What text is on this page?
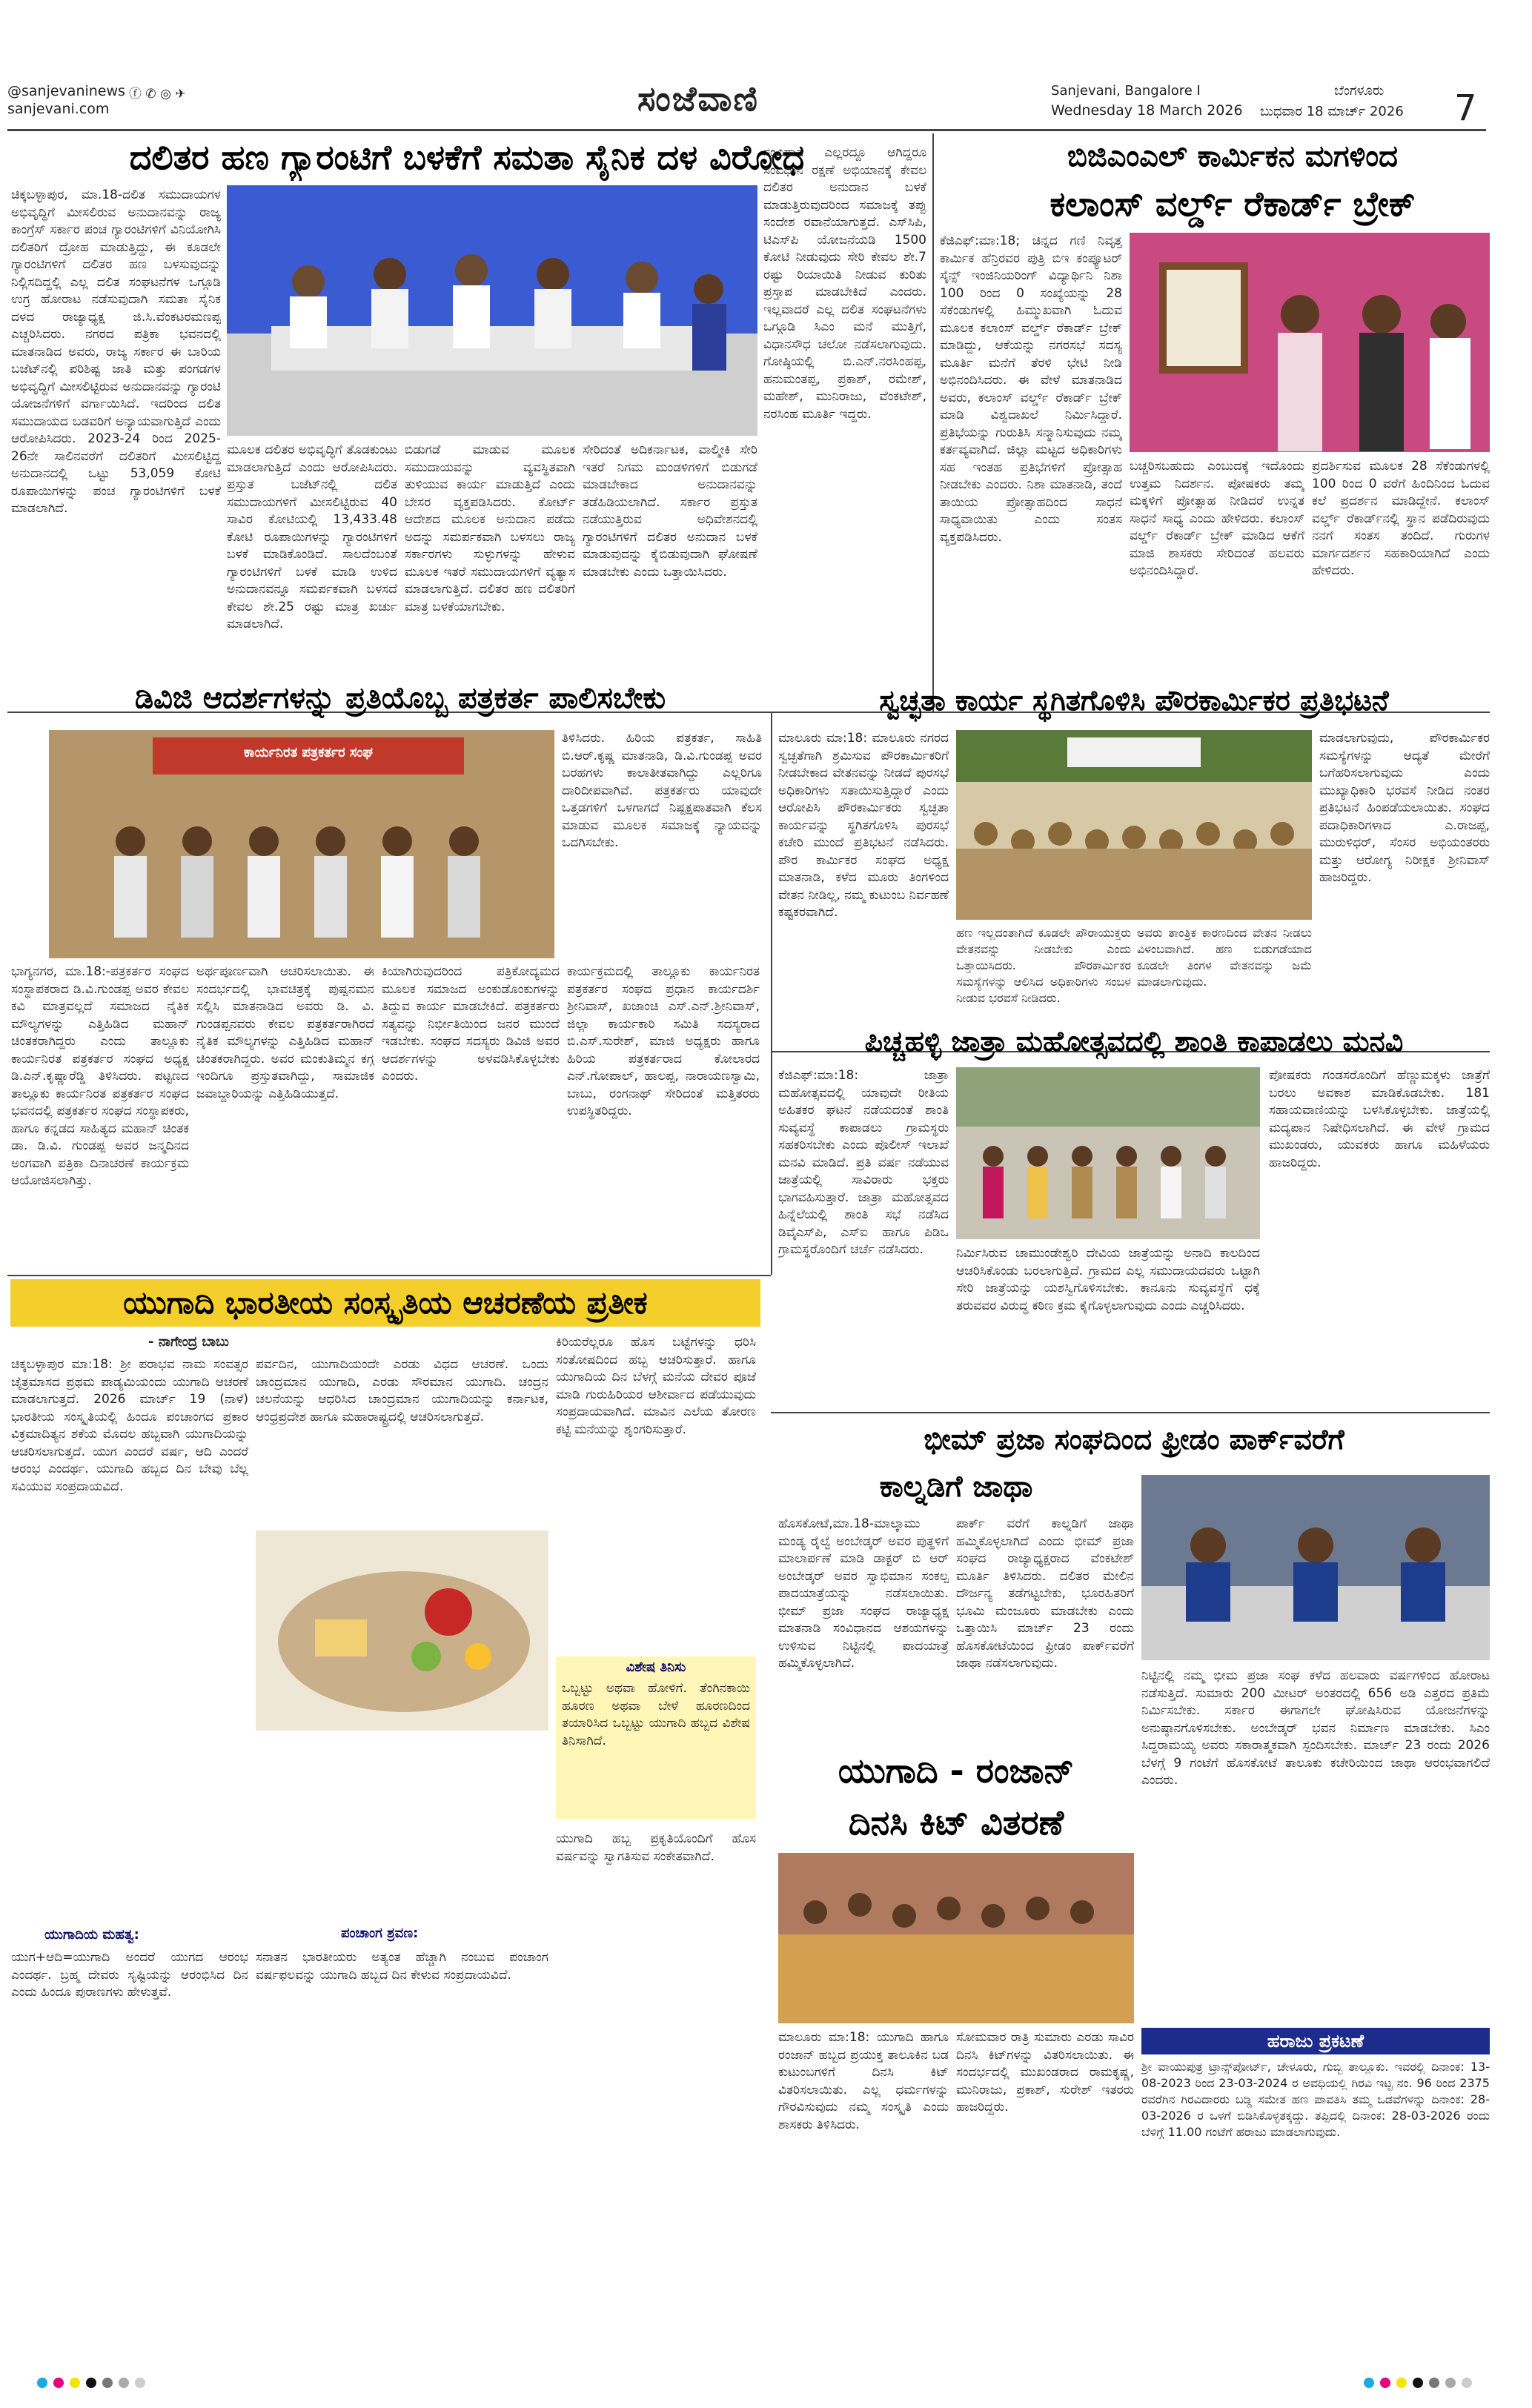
@sanjevaninews ⓕ ✆ ◎ ✈
sanjevani.com	ಸಂಜೆವಾಣಿ	Sanjevani, Bangalore I	ಬೆಂಗಳೂರು
Wednesday 18 March 2026 ಬುಧವಾರ 18 ಮಾರ್ಚ್ 2026 7
ದಲಿತರ ಹಣ ಗ್ಯಾರಂಟಿಗೆ ಬಳಕೆಗೆ ಸಮತಾ ಸೈನಿಕ ದಳ ವಿರೋಧ
ಚಿಕ್ಕಬಳ್ಳಾಪುರ, ಮಾ.18-ದಲಿತ ಸಮುದಾಯಗಳ ಅಭಿವೃದ್ಧಿಗೆ ಮೀಸಲಿರುವ ಅನುದಾನವನ್ನು ರಾಜ್ಯ ಕಾಂಗ್ರೆಸ್ ಸರ್ಕಾರ ಪಂಚ ಗ್ಯಾರಂಟಿಗಳಿಗೆ ವಿನಿಯೋಗಿಸಿ ದಲಿತರಿಗೆ ದ್ರೋಹ ಮಾಡುತ್ತಿದ್ದು, ಈ ಕೂಡಲೇ ಗ್ಯಾರಂಟಿಗಳಿಗೆ ದಲಿತರ ಹಣ ಬಳಸುವುದನ್ನು ನಿಲ್ಲಿಸದಿದ್ದಲ್ಲಿ ಎಲ್ಲ ದಲಿತ ಸಂಘಟನೆಗಳ ಒಗ್ಗೂಡಿ ಉಗ್ರ ಹೋರಾಟ ನಡೆಸುವುದಾಗಿ ಸಮತಾ ಸೈನಿಕ ದಳದ ರಾಜ್ಯಾಧ್ಯಕ್ಷ ಜಿ.ಸಿ.ವೆಂಕಟರಮಣಪ್ಪ ಎಚ್ಚರಿಸಿದರು. ನಗರದ ಪತ್ರಿಕಾ ಭವನದಲ್ಲಿ ಮಾತನಾಡಿದ ಅವರು, ರಾಜ್ಯ ಸರ್ಕಾರ ಈ ಬಾರಿಯ ಬಜೆಟ್‌ನಲ್ಲಿ ಪರಿಶಿಷ್ಟ ಜಾತಿ ಮತ್ತು ಪಂಗಡಗಳ ಅಭಿವೃದ್ಧಿಗೆ ಮೀಸಲಿಟ್ಟಿರುವ ಅನುದಾನವನ್ನು ಗ್ಯಾರಂಟಿ ಯೋಜನೆಗಳಿಗೆ ವರ್ಗಾಯಿಸಿದೆ. ಇದರಿಂದ ದಲಿತ ಸಮುದಾಯದ ಬಡವರಿಗೆ ಅನ್ಯಾಯವಾಗುತ್ತಿದೆ ಎಂದು ಆರೋಪಿಸಿದರು. 2023-24 ರಿಂದ 2025-26ನೇ ಸಾಲಿನವರೆಗೆ ದಲಿತರಿಗೆ ಮೀಸಲಿಟ್ಟಿದ್ದ ಅನುದಾನದಲ್ಲಿ ಒಟ್ಟು 53,059 ಕೋಟಿ ರೂಪಾಯಿಗಳನ್ನು ಪಂಚ ಗ್ಯಾರಂಟಿಗಳಿಗೆ ಬಳಕೆ ಮಾಡಲಾಗಿದೆ.
ಮೂಲಕ ದಲಿತರ ಅಭಿವೃದ್ಧಿಗೆ ತೊಡಕುಂಟು ಮಾಡಲಾಗುತ್ತಿದೆ ಎಂದು ಆರೋಪಿಸಿದರು. ಪ್ರಸ್ತುತ ಬಜೆಟ್‌ನಲ್ಲಿ ದಲಿತ ಸಮುದಾಯಗಳಿಗೆ ಮೀಸಲಿಟ್ಟಿರುವ 40 ಸಾವಿರ ಕೋಟಿಯಲ್ಲಿ 13,433.48 ಕೋಟಿ ರೂಪಾಯಿಗಳನ್ನು ಗ್ಯಾರಂಟಿಗಳಿಗೆ ಬಳಕೆ ಮಾಡಿಕೊಂಡಿದೆ. ಸಾಲದೆಂಬಂತೆ ಗ್ಯಾರಂಟಿಗಳಿಗೆ ಬಳಕೆ ಮಾಡಿ ಉಳಿದ ಅನುದಾನವನ್ನೂ ಸಮರ್ಪಕವಾಗಿ ಬಳಸದೆ ಕೇವಲ ಶೇ.25 ರಷ್ಟು ಮಾತ್ರ ಖರ್ಚು ಮಾಡಲಾಗಿದೆ.
ಬಿಡುಗಡೆ ಮಾಡುವ ಮೂಲಕ ಸಮುದಾಯವನ್ನು ವ್ಯವಸ್ಥಿತವಾಗಿ ತುಳಿಯುವ ಕಾರ್ಯ ಮಾಡುತ್ತಿದೆ ಎಂದು ಬೇಸರ ವ್ಯಕ್ತಪಡಿಸಿದರು. ಕೋರ್ಟ್‌ ಆದೇಶದ ಮೂಲಕ ಅನುದಾನ ಪಡೆದು ಅದನ್ನು ಸಮರ್ಪಕವಾಗಿ ಬಳಸಲು ರಾಜ್ಯ ಸರ್ಕಾರಗಳು ಸುಳ್ಳುಗಳನ್ನು ಹೇಳುವ ಮೂಲಕ ಇತರೆ ಸಮುದಾಯಗಳಿಗೆ ವ್ಯತ್ಯಾಸ ಮಾಡಲಾಗುತ್ತಿದೆ. ದಲಿತರ ಹಣ ದಲಿತರಿಗೆ ಮಾತ್ರ ಬಳಕೆಯಾಗಬೇಕು.
ಸೇರಿದಂತೆ ಅದಿಕರ್ನಾಟಕ, ವಾಲ್ಮೀಕಿ ಸೇರಿ ಇತರೆ ನಿಗಮ ಮಂಡಳಿಗಳಿಗೆ ಬಿಡುಗಡೆ ಮಾಡಬೇಕಾದ ಅನುದಾನವನ್ನು ತಡೆಹಿಡಿಯಲಾಗಿದೆ. ಸರ್ಕಾರ ಪ್ರಸ್ತುತ ನಡೆಯುತ್ತಿರುವ ಅಧಿವೇಶನದಲ್ಲಿ ಗ್ಯಾರಂಟಿಗಳಿಗೆ ದಲಿತರ ಅನುದಾನ ಬಳಕೆ ಮಾಡುವುದನ್ನು ಕೈಬಿಡುವುದಾಗಿ ಘೋಷಣೆ ಮಾಡಬೇಕು ಎಂದು ಒತ್ತಾಯಿಸಿದರು.
ಸಂವಿಧಾನ ಎಲ್ಲರದ್ದೂ ಆಗಿದ್ದರೂ ಸಂವಿಧಾನ ರಕ್ಷಣೆ ಅಭಿಯಾನಕ್ಕೆ ಕೇವಲ ದಲಿತರ ಅನುದಾನ ಬಳಕೆ ಮಾಡುತ್ತಿರುವುದರಿಂದ ಸಮಾಜಕ್ಕೆ ತಪ್ಪು ಸಂದೇಶ ರವಾನೆಯಾಗುತ್ತದೆ. ಎಸ್‌ಸಿಪಿ, ಟಿಎಸ್‌ಪಿ ಯೋಜನೆಯಡಿ 1500 ಕೋಟಿ ನೀಡುವುದು ಸೇರಿ ಕೇವಲ ಶೇ.7 ರಷ್ಟು ರಿಯಾಯಿತಿ ನೀಡುವ ಕುರಿತು ಪ್ರಸ್ತಾಪ ಮಾಡಬೇಕಿದೆ ಎಂದರು. ಇಲ್ಲವಾದರೆ ಎಲ್ಲ ದಲಿತ ಸಂಘಟನೆಗಳು ಒಗ್ಗೂಡಿ ಸಿಎಂ ಮನೆ ಮುತ್ತಿಗೆ, ವಿಧಾನಸೌಧ ಚಲೋ ನಡೆಸಲಾಗುವುದು. ಗೋಷ್ಠಿಯಲ್ಲಿ ಬಿ.ಎನ್.ನರಸಿಂಹಪ್ಪ, ಹನುಮಂತಪ್ಪ, ಪ್ರಕಾಶ್, ರಮೇಶ್, ಮಹೇಶ್, ಮುನಿರಾಜು, ವೆಂಕಟೇಶ್, ನರಸಿಂಹ ಮೂರ್ತಿ ಇದ್ದರು.
ಬಿಜಿಎಂಎಲ್ ಕಾರ್ಮಿಕನ ಮಗಳಿಂದ
ಕಲಾಂಸ್ ವರ್ಲ್ಡ್ ರೆಕಾರ್ಡ್ ಬ್ರೇಕ್
ಕೆಜಿಎಫ್:ಮಾ:18; ಚಿನ್ನದ ಗಣಿ ನಿವೃತ್ತ ಕಾರ್ಮಿಕ ಹೆನ್ರಿರವರ ಪುತ್ರಿ ಬಿಇ ಕಂಪ್ಯೂಟರ್ ಸೈನ್ಸ್ ಇಂಜಿನಿಯರಿಂಗ್ ವಿದ್ಯಾರ್ಥಿನಿ ನಿಶಾ 100 ರಿಂದ 0 ಸಂಖ್ಯೆಯನ್ನು 28 ಸೆಕೆಂಡುಗಳಲ್ಲಿ ಹಿಮ್ಮುಖವಾಗಿ ಓದುವ ಮೂಲಕ ಕಲಾಂಸ್ ವರ್ಲ್ಡ್ ರೆಕಾರ್ಡ್ ಬ್ರೇಕ್ ಮಾಡಿದ್ದು, ಆಕೆಯನ್ನು ನಗರಸಭೆ ಸದಸ್ಯ ಮೂರ್ತಿ ಮನೆಗೆ ತೆರಳಿ ಭೇಟಿ ನೀಡಿ ಅಭಿನಂದಿಸಿದರು. ಈ ವೇಳೆ ಮಾತನಾಡಿದ ಅವರು, ಕಲಾಂಸ್ ವರ್ಲ್ಡ್ ರೆಕಾರ್ಡ್ ಬ್ರೇಕ್ ಮಾಡಿ ವಿಶ್ವದಾಖಲೆ ನಿರ್ಮಿಸಿದ್ದಾರೆ. ಪ್ರತಿಭೆಯನ್ನು ಗುರುತಿಸಿ ಸನ್ಮಾನಿಸುವುದು ನಮ್ಮ ಕರ್ತವ್ಯವಾಗಿದೆ. ಜಿಲ್ಲಾ ಮಟ್ಟದ ಅಧಿಕಾರಿಗಳು ಸಹ ಇಂತಹ ಪ್ರತಿಭೆಗಳಿಗೆ ಪ್ರೋತ್ಸಾಹ ನೀಡಬೇಕು ಎಂದರು. ನಿಶಾ ಮಾತನಾಡಿ, ತಂದೆ ತಾಯಿಯ ಪ್ರೋತ್ಸಾಹದಿಂದ ಸಾಧನೆ ಸಾಧ್ಯವಾಯಿತು ಎಂದು ಸಂತಸ ವ್ಯಕ್ತಪಡಿಸಿದರು.
ಬಚ್ಚರಿಸಬಹುದು ಎಂಬುದಕ್ಕೆ ಇದೊಂದು ಉತ್ತಮ ನಿದರ್ಶನ. ಪೋಷಕರು ತಮ್ಮ ಮಕ್ಕಳಿಗೆ ಪ್ರೋತ್ಸಾಹ ನೀಡಿದರೆ ಉನ್ನತ ಸಾಧನೆ ಸಾಧ್ಯ ಎಂದು ಹೇಳಿದರು. ಕಲಾಂಸ್ ವರ್ಲ್ಡ್ ರೆಕಾರ್ಡ್ ಬ್ರೇಕ್ ಮಾಡಿದ ಆಕೆಗೆ ಮಾಜಿ ಶಾಸಕರು ಸೇರಿದಂತೆ ಹಲವರು ಅಭಿನಂದಿಸಿದ್ದಾರೆ.
ಪ್ರದರ್ಶಿಸುವ ಮೂಲಕ 28 ಸೆಕೆಂಡುಗಳಲ್ಲಿ 100 ರಿಂದ 0 ವರೆಗೆ ಹಿಂದಿನಿಂದ ಓದುವ ಕಲೆ ಪ್ರದರ್ಶನ ಮಾಡಿದ್ದೇನೆ. ಕಲಾಂಸ್ ವರ್ಲ್ಡ್ ರೆಕಾರ್ಡ್‌ನಲ್ಲಿ ಸ್ಥಾನ ಪಡೆದಿರುವುದು ನನಗೆ ಸಂತಸ ತಂದಿದೆ. ಗುರುಗಳ ಮಾರ್ಗದರ್ಶನ ಸಹಕಾರಿಯಾಗಿದೆ ಎಂದು ಹೇಳಿದರು.
ಡಿವಿಜಿ ಆದರ್ಶಗಳನ್ನು ಪ್ರತಿಯೊಬ್ಬ ಪತ್ರಕರ್ತ ಪಾಲಿಸಬೇಕು
ಕಾರ್ಯನಿರತ ಪತ್ರಕರ್ತರ ಸಂಘ
ತಿಳಿಸಿದರು. ಹಿರಿಯ ಪತ್ರಕರ್ತ, ಸಾಹಿತಿ ಬಿ.ಆರ್.ಕೃಷ್ಣ ಮಾತನಾಡಿ, ಡಿ.ವಿ.ಗುಂಡಪ್ಪ ಅವರ ಬರಹಗಳು ಕಾಲಾತೀತವಾಗಿದ್ದು ಎಲ್ಲರಿಗೂ ದಾರಿದೀಪವಾಗಿವೆ. ಪತ್ರಕರ್ತರು ಯಾವುದೇ ಒತ್ತಡಗಳಿಗೆ ಒಳಗಾಗದೆ ನಿಷ್ಪಕ್ಷಪಾತವಾಗಿ ಕೆಲಸ ಮಾಡುವ ಮೂಲಕ ಸಮಾಜಕ್ಕೆ ನ್ಯಾಯವನ್ನು ಒದಗಿಸಬೇಕು.
ಭಾಗ್ಯನಗರ, ಮಾ.18:-ಪತ್ರಕರ್ತರ ಸಂಘದ ಸಂಸ್ಥಾಪಕರಾದ ಡಿ.ವಿ.ಗುಂಡಪ್ಪ ಅವರ ಕೇವಲ ಕವಿ ಮಾತ್ರವಲ್ಲದೆ ಸಮಾಜದ ನೈತಿಕ ಮೌಲ್ಯಗಳನ್ನು ಎತ್ತಿಹಿಡಿದ ಮಹಾನ್ ಚಿಂತಕರಾಗಿದ್ದರು ಎಂದು ತಾಲ್ಲೂಕು ಕಾರ್ಯನಿರತ ಪತ್ರಕರ್ತರ ಸಂಘದ ಅಧ್ಯಕ್ಷ ಡಿ.ಎನ್.ಕೃಷ್ಣಾರೆಡ್ಡಿ ತಿಳಿಸಿದರು. ಪಟ್ಟಣದ ತಾಲ್ಲೂಕು ಕಾರ್ಯನಿರತ ಪತ್ರಕರ್ತರ ಸಂಘದ ಭವನದಲ್ಲಿ ಪತ್ರಕರ್ತರ ಸಂಘದ ಸಂಸ್ಥಾಪಕರು, ಹಾಗೂ ಕನ್ನಡದ ಸಾಹಿತ್ಯದ ಮಹಾನ್ ಚಿಂತಕ ಡಾ. ಡಿ.ವಿ. ಗುಂಡಪ್ಪ ಅವರ ಜನ್ಮದಿನದ ಅಂಗವಾಗಿ ಪತ್ರಿಕಾ ದಿನಾಚರಣೆ ಕಾರ್ಯಕ್ರಮ ಆಯೋಜಿಸಲಾಗಿತ್ತು.
ಅರ್ಥಪೂರ್ಣವಾಗಿ ಆಚರಿಸಲಾಯಿತು. ಈ ಸಂದರ್ಭದಲ್ಲಿ ಭಾವಚಿತ್ರಕ್ಕೆ ಪುಷ್ಪನಮನ ಸಲ್ಲಿಸಿ ಮಾತನಾಡಿದ ಅವರು ಡಿ. ವಿ. ಗುಂಡಪ್ಪನವರು ಕೇವಲ ಪತ್ರಕರ್ತರಾಗಿರದೆ ನೈತಿಕ ಮೌಲ್ಯಗಳನ್ನು ಎತ್ತಿಹಿಡಿದ ಮಹಾನ್ ಚಿಂತಕರಾಗಿದ್ದರು. ಅವರ ಮಂಕುತಿಮ್ಮನ ಕಗ್ಗ ಇಂದಿಗೂ ಪ್ರಸ್ತುತವಾಗಿದ್ದು, ಸಾಮಾಜಿಕ ಜವಾಬ್ದಾರಿಯನ್ನು ಎತ್ತಿಹಿಡಿಯುತ್ತದೆ.
ಕಿಯಾಗಿರುವುದರಿಂದ ಪತ್ರಿಕೋದ್ಯಮದ ಮೂಲಕ ಸಮಾಜದ ಅಂಕುಡೊಂಕುಗಳನ್ನು ತಿದ್ದುವ ಕಾರ್ಯ ಮಾಡಬೇಕಿದೆ. ಪತ್ರಕರ್ತರು ಸತ್ಯವನ್ನು ನಿರ್ಭೀತಿಯಿಂದ ಜನರ ಮುಂದೆ ಇಡಬೇಕು. ಸಂಘದ ಸದಸ್ಯರು ಡಿವಿಜಿ ಅವರ ಆದರ್ಶಗಳನ್ನು ಅಳವಡಿಸಿಕೊಳ್ಳಬೇಕು ಎಂದರು.
ಕಾರ್ಯಕ್ರಮದಲ್ಲಿ ತಾಲ್ಲೂಕು ಕಾರ್ಯನಿರತ ಪತ್ರಕರ್ತರ ಸಂಘದ ಪ್ರಧಾನ ಕಾರ್ಯದರ್ಶಿ ಶ್ರೀನಿವಾಸ್, ಖಜಾಂಚಿ ಎಸ್.ಎನ್.ಶ್ರೀನಿವಾಸ್, ಜಿಲ್ಲಾ ಕಾರ್ಯಕಾರಿ ಸಮಿತಿ ಸದಸ್ಯರಾದ ಬಿ.ಎಸ್.ಸುರೇಶ್, ಮಾಜಿ ಅಧ್ಯಕ್ಷರು ಹಾಗೂ ಹಿರಿಯ ಪತ್ರಕರ್ತರಾದ ಕೋಲಾರದ ಎನ್.ಗೋಪಾಲ್, ಹಾಲಪ್ಪ, ನಾರಾಯಣಸ್ವಾಮಿ, ಬಾಬು, ರಂಗನಾಥ್ ಸೇರಿದಂತೆ ಮತ್ತಿತರರು ಉಪಸ್ಥಿತರಿದ್ದರು.
ಸ್ವಚ್ಛತಾ ಕಾರ್ಯ ಸ್ಥಗಿತಗೊಳಿಸಿ ಪೌರಕಾರ್ಮಿಕರ ಪ್ರತಿಭಟನೆ
ಮಾಲೂರು ಮಾ:18: ಮಾಲೂರು ನಗರದ ಸ್ವಚ್ಛತೆಗಾಗಿ ಶ್ರಮಿಸುವ ಪೌರಕಾರ್ಮಿಕರಿಗೆ ನೀಡಬೇಕಾದ ವೇತನವನ್ನು ನೀಡದೆ ಪುರಸಭೆ ಅಧಿಕಾರಿಗಳು ಸತಾಯಿಸುತ್ತಿದ್ದಾರೆ ಎಂದು ಆರೋಪಿಸಿ ಪೌರಕಾರ್ಮಿಕರು ಸ್ವಚ್ಛತಾ ಕಾರ್ಯವನ್ನು ಸ್ಥಗಿತಗೊಳಿಸಿ ಪುರಸಭೆ ಕಚೇರಿ ಮುಂದೆ ಪ್ರತಿಭಟನೆ ನಡೆಸಿದರು. ಪೌರ ಕಾರ್ಮಿಕರ ಸಂಘದ ಅಧ್ಯಕ್ಷ ಮಾತನಾಡಿ, ಕಳೆದ ಮೂರು ತಿಂಗಳಿಂದ ವೇತನ ನೀಡಿಲ್ಲ, ನಮ್ಮ ಕುಟುಂಬ ನಿರ್ವಹಣೆ ಕಷ್ಟಕರವಾಗಿದೆ.
ಮಾಡಲಾಗುವುದು, ಪೌರಕಾರ್ಮಿಕರ ಸಮಸ್ಯೆಗಳನ್ನು ಆದ್ಯತೆ ಮೇರೆಗೆ ಬಗೆಹರಿಸಲಾಗುವುದು ಎಂದು ಮುಖ್ಯಾಧಿಕಾರಿ ಭರವಸೆ ನೀಡಿದ ನಂತರ ಪ್ರತಿಭಟನೆ ಹಿಂಪಡೆಯಲಾಯಿತು. ಸಂಘದ ಪದಾಧಿಕಾರಿಗಳಾದ ಎ.ರಾಜಪ್ಪ, ಮುರುಳಿಧರ್, ಸೆಂಸರ ಅಭಿಯಂತರರು ಮತ್ತು ಆರೋಗ್ಯ ನಿರೀಕ್ಷಕ ಶ್ರೀನಿವಾಸ್ ಹಾಜರಿದ್ದರು.
ಹಣ ಇಲ್ಲದಂತಾಗಿದೆ ಕೂಡಲೇ ಪೌರಾಯುಕ್ತರು ವೇತನವನ್ನು ನೀಡಬೇಕು ಎಂದು ಒತ್ತಾಯಿಸಿದರು. ಪೌರಕಾರ್ಮಿಕರ ಸಮಸ್ಯೆಗಳನ್ನು ಆಲಿಸಿದ ಅಧಿಕಾರಿಗಳು ಸಂಬಳ ನೀಡುವ ಭರವಸೆ ನೀಡಿದರು.
ಅವರು ತಾಂತ್ರಿಕ ಕಾರಣದಿಂದ ವೇತನ ನೀಡಲು ವಿಳಂಬವಾಗಿದೆ. ಹಣ ಬಿಡುಗಡೆಯಾದ ಕೂಡಲೇ ತಿಂಗಳ ವೇತನವನ್ನು ಜಮೆ ಮಾಡಲಾಗುವುದು.
ಪಿಚ್ಚಹಳ್ಳಿ ಜಾತ್ರಾ ಮಹೋತ್ಸವದಲ್ಲಿ ಶಾಂತಿ ಕಾಪಾಡಲು ಮನವಿ
ಕೆಜಿಎಫ್:ಮಾ:18: ಜಾತ್ರಾ ಮಹೋತ್ಸವದಲ್ಲಿ ಯಾವುದೇ ರೀತಿಯ ಅಹಿತಕರ ಘಟನೆ ನಡೆಯದಂತೆ ಶಾಂತಿ ಸುವ್ಯವಸ್ಥೆ ಕಾಪಾಡಲು ಗ್ರಾಮಸ್ಥರು ಸಹಕರಿಸಬೇಕು ಎಂದು ಪೊಲೀಸ್ ಇಲಾಖೆ ಮನವಿ ಮಾಡಿದೆ. ಪ್ರತಿ ವರ್ಷ ನಡೆಯುವ ಜಾತ್ರೆಯಲ್ಲಿ ಸಾವಿರಾರು ಭಕ್ತರು ಭಾಗವಹಿಸುತ್ತಾರೆ. ಜಾತ್ರಾ ಮಹೋತ್ಸವದ ಹಿನ್ನೆಲೆಯಲ್ಲಿ ಶಾಂತಿ ಸಭೆ ನಡೆಸಿದ ಡಿವೈಎಸ್‌ಪಿ, ಎಸ್‌ಐ ಹಾಗೂ ಪಿಡಿಒ ಗ್ರಾಮಸ್ಥರೊಂದಿಗೆ ಚರ್ಚೆ ನಡೆಸಿದರು.	ನಿರ್ಮಿಸಿರುವ ಚಾಮುಂಡೇಶ್ವರಿ ದೇವಿಯ ಜಾತ್ರೆಯನ್ನು ಅನಾದಿ ಕಾಲದಿಂದ ಆಚರಿಸಿಕೊಂಡು ಬರಲಾಗುತ್ತಿದೆ. ಗ್ರಾಮದ ಎಲ್ಲ ಸಮುದಾಯದವರು ಒಟ್ಟಾಗಿ ಸೇರಿ ಜಾತ್ರೆಯನ್ನು ಯಶಸ್ವಿಗೊಳಿಸಬೇಕು. ಕಾನೂನು ಸುವ್ಯವಸ್ಥೆಗೆ ಧಕ್ಕೆ ತರುವವರ ವಿರುದ್ಧ ಕಠಿಣ ಕ್ರಮ ಕೈಗೊಳ್ಳಲಾಗುವುದು ಎಂದು ಎಚ್ಚರಿಸಿದರು.
ಪೋಷಕರು ಗಂಡಸರೊಂದಿಗೆ ಹೆಣ್ಣುಮಕ್ಕಳು ಜಾತ್ರೆಗೆ ಬರಲು ಅವಕಾಶ ಮಾಡಿಕೊಡಬೇಕು. 181 ಸಹಾಯವಾಣಿಯನ್ನು ಬಳಸಿಕೊಳ್ಳಬೇಕು. ಜಾತ್ರೆಯಲ್ಲಿ ಮದ್ಯಪಾನ ನಿಷೇಧಿಸಲಾಗಿದೆ. ಈ ವೇಳೆ ಗ್ರಾಮದ ಮುಖಂಡರು, ಯುವಕರು ಹಾಗೂ ಮಹಿಳೆಯರು ಹಾಜರಿದ್ದರು.
ಯುಗಾದಿ ಭಾರತೀಯ ಸಂಸ್ಕೃತಿಯ ಆಚರಣೆಯ ಪ್ರತೀಕ
- ನಾಗೇಂದ್ರ ಬಾಬು
ಚಿಕ್ಕಬಳ್ಳಾಪುರ ಮಾ:18: ಶ್ರೀ ಪರಾಭವ ನಾಮ ಸಂವತ್ಸರ ಚೈತ್ರಮಾಸದ ಪ್ರಥಮ ಪಾಡ್ಯಮಿಯಂದು ಯುಗಾದಿ ಆಚರಣೆ ಮಾಡಲಾಗುತ್ತದೆ. 2026 ಮಾರ್ಚ್ 19 (ನಾಳೆ) ಭಾರತೀಯ ಸಂಸ್ಕೃತಿಯಲ್ಲಿ ಹಿಂದೂ ಪಂಚಾಂಗದ ಪ್ರಕಾರ ವಿಕ್ರಮಾದಿತ್ಯನ ಶಕೆಯ ಮೊದಲ ಹಬ್ಬವಾಗಿ ಯುಗಾದಿಯನ್ನು ಆಚರಿಸಲಾಗುತ್ತದೆ. ಯುಗ ಎಂದರೆ ವರ್ಷ, ಆದಿ ಎಂದರೆ ಆರಂಭ ಎಂದರ್ಥ. ಯುಗಾದಿ ಹಬ್ಬದ ದಿನ ಬೇವು ಬೆಲ್ಲ ಸವಿಯುವ ಸಂಪ್ರದಾಯವಿದೆ.
ಕಿರಿಯರೆಲ್ಲರೂ ಹೊಸ ಬಟ್ಟೆಗಳನ್ನು ಧರಿಸಿ ಸಂತೋಷದಿಂದ ಹಬ್ಬ ಆಚರಿಸುತ್ತಾರೆ. ಹಾಗೂ ಯುಗಾದಿಯ ದಿನ ಬೆಳಗ್ಗೆ ಮನೆಯ ದೇವರ ಪೂಜೆ ಮಾಡಿ ಗುರುಹಿರಿಯರ ಆಶೀರ್ವಾದ ಪಡೆಯುವುದು ಸಂಪ್ರದಾಯವಾಗಿದೆ. ಮಾವಿನ ಎಲೆಯ ತೋರಣ ಕಟ್ಟಿ ಮನೆಯನ್ನು ಶೃಂಗರಿಸುತ್ತಾರೆ.
ಪರ್ವದಿನ, ಯುಗಾದಿಯಂದೇ ಎರಡು ವಿಧದ ಆಚರಣೆ. ಒಂದು ಚಾಂದ್ರಮಾನ ಯುಗಾದಿ, ಎರಡು ಸೌರಮಾನ ಯುಗಾದಿ. ಚಂದ್ರನ ಚಲನೆಯನ್ನು ಆಧರಿಸಿದ ಚಾಂದ್ರಮಾನ ಯುಗಾದಿಯನ್ನು ಕರ್ನಾಟಕ, ಆಂಧ್ರಪ್ರದೇಶ ಹಾಗೂ ಮಹಾರಾಷ್ಟ್ರದಲ್ಲಿ ಆಚರಿಸಲಾಗುತ್ತದೆ.
ವಿಶೇಷ ತಿನಿಸು
ಒಬ್ಬಟ್ಟು ಅಥವಾ ಹೋಳಿಗೆ. ತೆಂಗಿನಕಾಯಿ ಹೂರಣ ಅಥವಾ ಬೇಳೆ ಹೂರಣದಿಂದ ತಯಾರಿಸಿದ ಒಬ್ಬಟ್ಟು ಯುಗಾದಿ ಹಬ್ಬದ ವಿಶೇಷ ತಿನಿಸಾಗಿದೆ.
ಯುಗಾದಿಯ ಮಹತ್ವ:
ಯುಗ+ಆದಿ=ಯುಗಾದಿ ಅಂದರೆ ಯುಗದ ಆರಂಭ ಎಂದರ್ಥ. ಬ್ರಹ್ಮ ದೇವರು ಸೃಷ್ಟಿಯನ್ನು ಆರಂಭಿಸಿದ ದಿನ ಎಂದು ಹಿಂದೂ ಪುರಾಣಗಳು ಹೇಳುತ್ತವೆ.
ಪಂಚಾಂಗ ಶ್ರವಣ:
ಸನಾತನ ಭಾರತೀಯರು ಅತ್ಯಂತ ಹೆಚ್ಚಾಗಿ ನಂಬುವ ಪಂಚಾಂಗ ವರ್ಷಫಲವನ್ನು ಯುಗಾದಿ ಹಬ್ಬದ ದಿನ ಕೇಳುವ ಸಂಪ್ರದಾಯವಿದೆ.
ಯುಗಾದಿ ಹಬ್ಬ ಪ್ರಕೃತಿಯೊಂದಿಗೆ ಹೊಸ ವರ್ಷವನ್ನು ಸ್ವಾಗತಿಸುವ ಸಂಕೇತವಾಗಿದೆ.
ಭೀಮ್ ಪ್ರಜಾ ಸಂಘದಿಂದ ಫ್ರೀಡಂ ಪಾರ್ಕ್‌ವರೆಗೆ
ಕಾಲ್ನಡಿಗೆ ಜಾಥಾ
ಹೊಸಕೋಟೆ,ಮಾ.18-ಮಾಲ್ಕಾಮು ಮಂಡ್ಯ ರೈಲ್ವೆ ಅಂಬೇಡ್ಕರ್‌ ಅವರ ಪುತ್ಥಳಿಗೆ ಮಾಲಾರ್ಪಣೆ ಮಾಡಿ ಡಾಕ್ಟರ್ ಬಿ ಆರ್ ಅಂಬೇಡ್ಕರ್ ಅವರ ಸ್ವಾಭಿಮಾನ ಸಂಕಲ್ಪ ಪಾದಯಾತ್ರೆಯನ್ನು ನಡೆಸಲಾಯಿತು. ಭೀಮ್ ಪ್ರಜಾ ಸಂಘದ ರಾಜ್ಯಾಧ್ಯಕ್ಷ ಮಾತನಾಡಿ ಸಂವಿಧಾನದ ಆಶಯಗಳನ್ನು ಉಳಿಸುವ ನಿಟ್ಟಿನಲ್ಲಿ ಪಾದಯಾತ್ರೆ ಹಮ್ಮಿಕೊಳ್ಳಲಾಗಿದೆ.
ಪಾರ್ಕ್ ವರೆಗೆ ಕಾಲ್ನಡಿಗೆ ಜಾಥಾ ಹಮ್ಮಿಕೊಳ್ಳಲಾಗಿದೆ ಎಂದು ಭೀಮ್ ಪ್ರಜಾ ಸಂಘದ ರಾಜ್ಯಾಧ್ಯಕ್ಷರಾದ ವೆಂಕಟೇಶ್ ಮೂರ್ತಿ ತಿಳಿಸಿದರು. ದಲಿತರ ಮೇಲಿನ ದೌರ್ಜನ್ಯ ತಡೆಗಟ್ಟಬೇಕು, ಭೂರಹಿತರಿಗೆ ಭೂಮಿ ಮಂಜೂರು ಮಾಡಬೇಕು ಎಂದು ಒತ್ತಾಯಿಸಿ ಮಾರ್ಚ್ 23 ರಂದು ಹೊಸಕೋಟೆಯಿಂದ ಫ್ರೀಡಂ ಪಾರ್ಕ್‌ವರೆಗೆ ಜಾಥಾ ನಡೆಸಲಾಗುವುದು.
ನಿಟ್ಟಿನಲ್ಲಿ ನಮ್ಮ ಭೀಮ ಪ್ರಜಾ ಸಂಘ ಕಳೆದ ಹಲವಾರು ವರ್ಷಗಳಿಂದ ಹೋರಾಟ ನಡೆಸುತ್ತಿದೆ. ಸುಮಾರು 200 ಮೀಟರ್ ಅಂತರದಲ್ಲಿ 656 ಅಡಿ ಎತ್ತರದ ಪ್ರತಿಮೆ ನಿರ್ಮಿಸಬೇಕು. ಸರ್ಕಾರ ಈಗಾಗಲೇ ಘೋಷಿಸಿರುವ ಯೋಜನೆಗಳನ್ನು ಅನುಷ್ಠಾನಗೊಳಿಸಬೇಕು. ಅಂಬೇಡ್ಕರ್ ಭವನ ನಿರ್ಮಾಣ ಮಾಡಬೇಕು. ಸಿಎಂ ಸಿದ್ದರಾಮಯ್ಯ ಅವರು ಸಕಾರಾತ್ಮಕವಾಗಿ ಸ್ಪಂದಿಸಬೇಕು. ಮಾರ್ಚ್ 23 ರಂದು 2026 ಬೆಳಗ್ಗೆ 9 ಗಂಟೆಗೆ ಹೊಸಕೋಟೆ ತಾಲೂಕು ಕಚೇರಿಯಿಂದ ಜಾಥಾ ಆರಂಭವಾಗಲಿದೆ ಎಂದರು.
ಯುಗಾದಿ - ರಂಜಾನ್
ದಿನಸಿ ಕಿಟ್ ವಿತರಣೆ
ಮಾಲೂರು ಮಾ:18: ಯುಗಾದಿ ಹಾಗೂ ರಂಜಾನ್ ಹಬ್ಬದ ಪ್ರಯುಕ್ತ ತಾಲೂಕಿನ ಬಡ ಕುಟುಂಬಗಳಿಗೆ ದಿನಸಿ ಕಿಟ್ ವಿತರಿಸಲಾಯಿತು. ಎಲ್ಲ ಧರ್ಮಗಳನ್ನು ಗೌರವಿಸುವುದು ನಮ್ಮ ಸಂಸ್ಕೃತಿ ಎಂದು ಶಾಸಕರು ತಿಳಿಸಿದರು.
ಸೋಮವಾರ ರಾತ್ರಿ ಸುಮಾರು ಎರಡು ಸಾವಿರ ದಿನಸಿ ಕಿಟ್‌ಗಳನ್ನು ವಿತರಿಸಲಾಯಿತು. ಈ ಸಂದರ್ಭದಲ್ಲಿ ಮುಖಂಡರಾದ ರಾಮಕೃಷ್ಣ, ಮುನಿರಾಜು, ಪ್ರಕಾಶ್, ಸುರೇಶ್ ಇತರರು ಹಾಜರಿದ್ದರು.
ಹರಾಜು ಪ್ರಕಟಣೆ
ಶ್ರೀ ವಾಯುಪುತ್ರ ಟ್ರಾನ್ಸ್‌ಪೋರ್ಟ್, ಚೇಳೂರು, ಗುಬ್ಬಿ ತಾಲ್ಲೂಕು. ಇವರಲ್ಲಿ ದಿನಾಂಕ: 13-08-2023 ರಿಂದ 23-03-2024 ರ ಅವಧಿಯಲ್ಲಿ ಗಿರವಿ ಇಟ್ಟ ನಂ. 96 ರಿಂದ 2375 ರವರೆಗಿನ ಗಿರವಿದಾರರು ಬಡ್ಡಿ ಸಮೇತ ಹಣ ಪಾವತಿಸಿ ತಮ್ಮ ಒಡವೆಗಳನ್ನು ದಿನಾಂಕ: 28-03-2026 ರ ಒಳಗೆ ಬಿಡಿಸಿಕೊಳ್ಳತಕ್ಕದ್ದು. ತಪ್ಪಿದಲ್ಲಿ ದಿನಾಂಕ: 28-03-2026 ರಂದು ಬೆಳಿಗ್ಗೆ 11.00 ಗಂಟೆಗೆ ಹರಾಜು ಮಾಡಲಾಗುವುದು.
